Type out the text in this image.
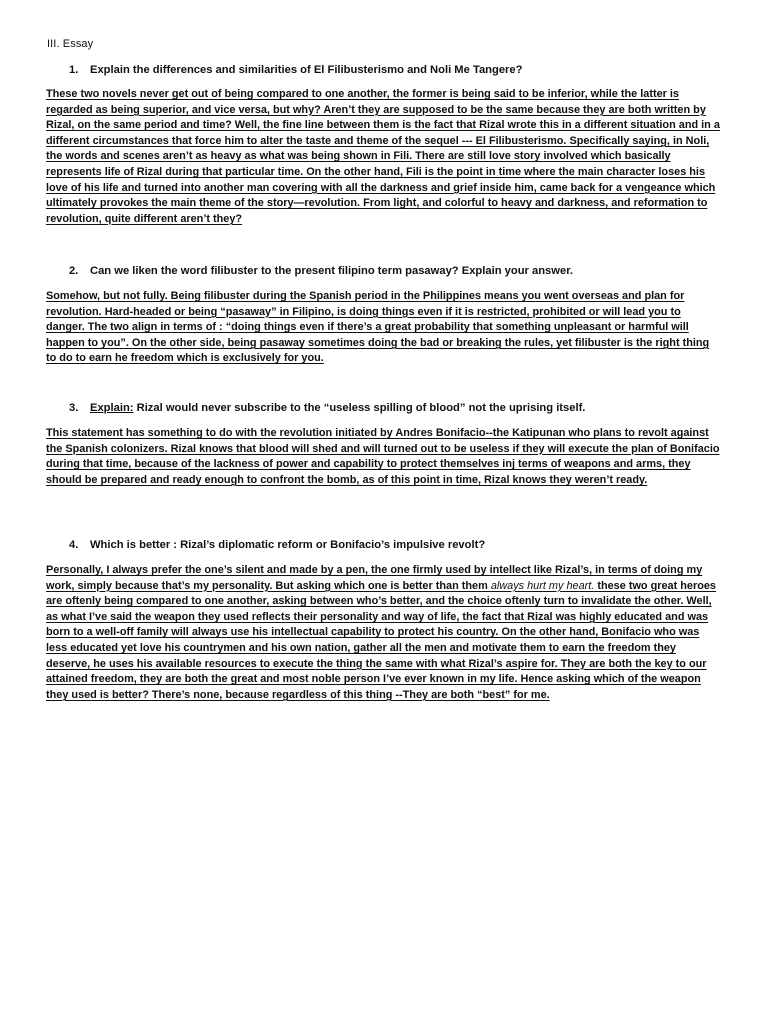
III. Essay

1. Explain the differences and similarities of El Filibusterismo and Noli Me Tangere?

These two novels never get out of being compared to one another, the former is being said to be inferior, while the latter is regarded as being superior, and vice versa, but why? Aren’t they are supposed to be the same because they are both written by Rizal, on the same period and time? Well, the fine line between them is the fact that Rizal wrote this in a different situation and in a different circumstances that force him to alter the taste and theme of the sequel --- El Filibusterismo. Specifically saying, in Noli, the words and scenes aren’t as heavy as what was being shown in Fili. There are still love story involved which basically represents life of Rizal during that particular time. On the other hand, Fili is the point in time where the main character loses his love of his life and turned into another man covering with all the darkness and grief inside him, came back for a vengeance which ultimately provokes the main theme of the story—revolution. From light, and colorful to heavy and darkness, and reformation to revolution, quite different aren’t they?

2. Can we liken the word filibuster to the present filipino term pasaway? Explain your answer.

Somehow, but not fully. Being filibuster during the Spanish period in the Philippines means you went overseas and plan for revolution. Hard-headed or being “pasaway” in Filipino, is doing things even if it is restricted, prohibited or will lead you to danger. The two align in terms of : “doing things even if there’s a great probability that something unpleasant or harmful will happen to you”. On the other side, being pasaway sometimes doing the bad or breaking the rules, yet filibuster is the right thing to do to earn he freedom which is exclusively for you.

3. Explain: Rizal would never subscribe to the “useless spilling of blood” not the uprising itself.

This statement has something to do with the revolution initiated by Andres Bonifacio--the Katipunan who plans to revolt against the Spanish colonizers. Rizal knows that blood will shed and will turned out to be useless if they will execute the plan of Bonifacio during that time, because of the lackness of power and capability to protect themselves inj terms of weapons and arms, they should be prepared and ready enough to confront the bomb, as of this point in time, Rizal knows they weren’t ready.

4. Which is better : Rizal’s diplomatic reform or Bonifacio’s impulsive revolt?

Personally, I always prefer the one’s silent and made by a pen, the one firmly used by intellect like Rizal’s, in terms of doing my work, simply because that’s my personality. But asking which one is better than them always hurt my heart. these two great heroes are oftenly being compared to one another, asking between who’s better, and the choice oftenly turn to invalidate the other. Well, as what I’ve said the weapon they used reflects their personality and way of life, the fact that Rizal was highly educated and was born to a well-off family will always use his intellectual capability to protect his country. On the other hand, Bonifacio who was less educated yet love his countrymen and his own nation, gather all the men and motivate them to earn the freedom they deserve, he uses his available resources to execute the thing the same with what Rizal’s aspire for. They are both the key to our attained freedom, they are both the great and most noble person I’ve ever known in my life. Hence asking which of the weapon they used is better? There’s none, because regardless of this thing --They are both “best” for me.
